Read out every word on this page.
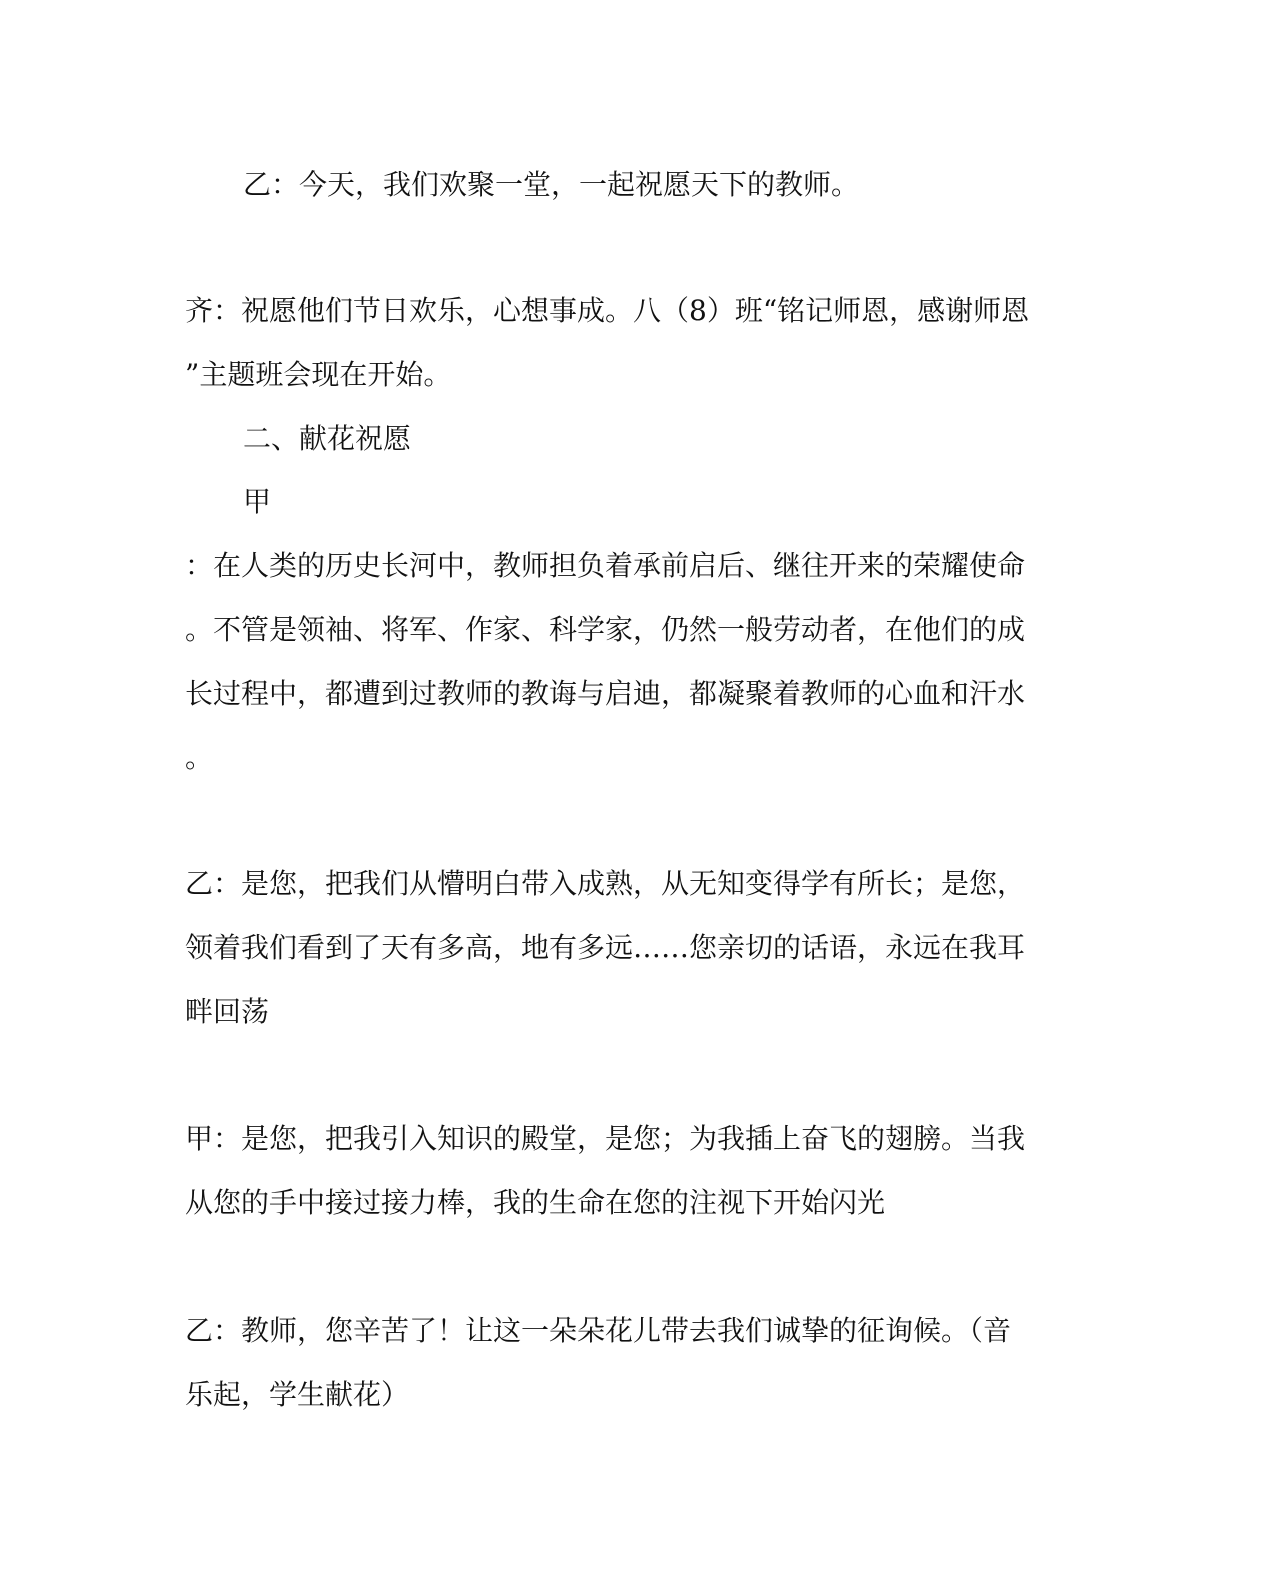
乙：今天，我们欢聚一堂，一起祝愿天下的教师。
齐：祝愿他们节日欢乐，心想事成。八（8）班“铭记师恩，感谢师恩
”主题班会现在开始。
二、献花祝愿
甲
：在人类的历史长河中，教师担负着承前启后、继往开来的荣耀使命
。不管是领袖、将军、作家、科学家，仍然一般劳动者，在他们的成
长过程中，都遭到过教师的教诲与启迪，都凝聚着教师的心血和汗水
。
乙：是您，把我们从懵明白带入成熟，从无知变得学有所长；是您，
领着我们看到了天有多高，地有多远……您亲切的话语，永远在我耳
畔回荡
甲：是您，把我引入知识的殿堂，是您；为我插上奋飞的翅膀。当我
从您的手中接过接力棒，我的生命在您的注视下开始闪光
乙：教师，您辛苦了！让这一朵朵花儿带去我们诚挚的征询候。（音
乐起，学生献花）
